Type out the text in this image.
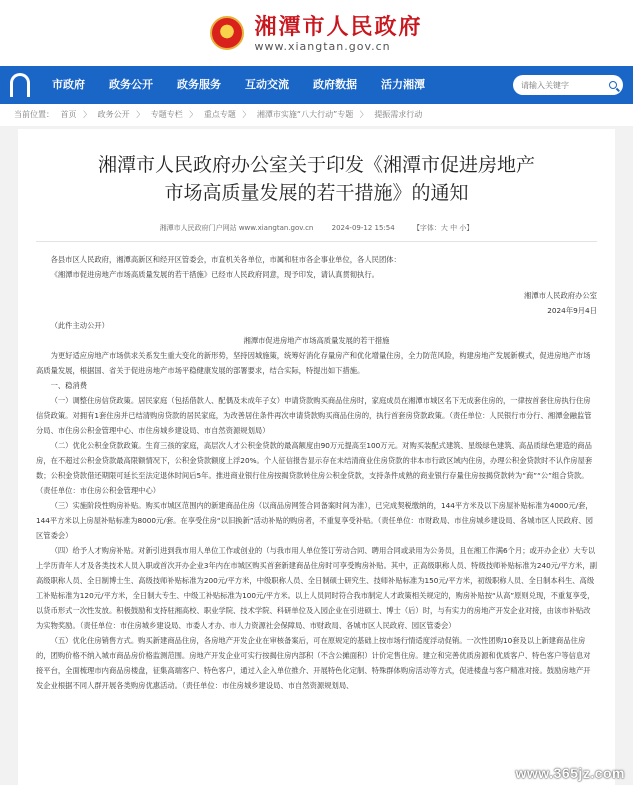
湘潭市人民政府
www.xiangtan.gov.cn
市政府	政务公开	政务服务	互动交流	政府数据	活力湘潭
请输入关键字
当前位置： 首页 〉 政务公开 〉 专题专栏 〉 重点专题 〉 湘潭市实施“八大行动”专题 〉 提振需求行动
湘潭市人民政府办公室关于印发《湘潭市促进房地产
市场高质量发展的若干措施》的通知
湘潭市人民政府门户网站 www.xiangtan.gov.cn	2024-09-12 15:54	【字体：大 中 小】

各县市区人民政府，湘潭高新区和经开区管委会，市直机关各单位，市属和驻市各企事业单位，各人民团体：

《湘潭市促进房地产市场高质量发展的若干措施》已经市人民政府同意，现予印发，请认真贯彻执行。

湘潭市人民政府办公室

2024年9月4日

（此件主动公开）

湘潭市促进房地产市场高质量发展的若干措施

为更好适应房地产市场供求关系发生重大变化的新形势，坚持因城施策，统筹好消化存量房产和优化增量住房，全力防范风险，构建房地产发展新模式，促进房地产市场高质量发展，根据国、省关于促进房地产市场平稳健康发展的部署要求，结合实际，特提出如下措施。

一、稳消费

（一）调整住房信贷政策。居民家庭（包括借款人、配偶及未成年子女）申请贷款购买商品住房时，家庭成员在湘潭市城区名下无成套住房的，一律按首套住房执行住房信贷政策。对拥有1套住房并已结清购房贷款的居民家庭，为改善居住条件再次申请贷款购买商品住房的，执行首套房贷款政策。（责任单位：人民银行市分行、湘潭金融监管分局、市住房公积金管理中心、市住房城乡建设局、市自然资源规划局）

（二）优化公积金贷款政策。生育三孩的家庭，高层次人才公积金贷款的最高额度由90万元提高至100万元。对购买装配式建筑、星级绿色建筑、高品质绿色建造的商品房，在不超过公积金贷款最高限额情况下，公积金贷款额度上浮20%。个人征信报告显示存在未结清商业住房贷款的非本市行政区域内住房，办理公积金贷款时不认作房屋套数；公积金贷款借还期限可延长至法定退休时间后5年。推进商业银行住房按揭贷款转住房公积金贷款，支持条件成熟的商业银行存量住房按揭贷款转为“商”“公”组合贷款。（责任单位：市住房公积金管理中心）

（三）实施阶段性购房补贴。购买市城区范围内的新建商品住房（以商品房网签合同备案时间为准），已完成契税缴纳的，144平方米及以下房屋补贴标准为4000元/套，144平方米以上房屋补贴标准为8000元/套。在享受住房“以旧换新”活动补贴的购房者，不重复享受补贴。（责任单位：市财政局、市住房城乡建设局、各城市区人民政府、园区管委会）

（四）给予人才购房补贴。对新引进到我市用人单位工作或创业的（与我市用人单位签订劳动合同、聘用合同或录用为公务员，且在湘工作满6个月；或开办企业）大专以上学历青年人才及各类技术人员入职或首次开办企业3年内在市城区购买首套新建商品住房时可享受购房补贴。其中，正高级职称人员、特级技师补贴标准为240元/平方米，副高级职称人员、全日制博士生、高级技师补贴标准为200元/平方米，中级职称人员、全日制硕士研究生、技师补贴标准为150元/平方米，初级职称人员、全日制本科生、高级工补贴标准为120元/平方米，全日制大专生、中级工补贴标准为100元/平方米。以上人员同时符合我市制定人才政策相关规定的，购房补贴按“从高”原则兑现，不重复享受，以货币形式一次性发放。积极鼓励和支持驻湘高校、职业学院、技术学院、科研单位及入园企业在引进硕士、博士（后）时，与有实力的房地产开发企业对接，由该市补贴改为实物奖励。（责任单位：市住房城乡建设局、市委人才办、市人力资源社会保障局、市财政局、各城市区人民政府、园区管委会）

（五）优化住房销售方式。购买新建商品住房，各房地产开发企业在审核备案后，可在原规定的基础上按市场行情适度浮动促销。一次性团购10套及以上新建商品住房的，团购价格不纳入城市商品房价格监测范围。房地产开发企业可实行按揭住房内部积（不含公摊面积）计价定售住房。建立和完善优质房源和优质客户、特色客户等信息对接平台，全面梳理市内商品房楼盘，征集高端客户、特色客户，通过入企入单位推介、开展特色化定制、特殊群体购房活动等方式，促进楼盘与客户精准对接。鼓励房地产开发企业根据不同人群开展各类购房优惠活动。（责任单位：市住房城乡建设局、市自然资源规划局、

www.365jz.com
